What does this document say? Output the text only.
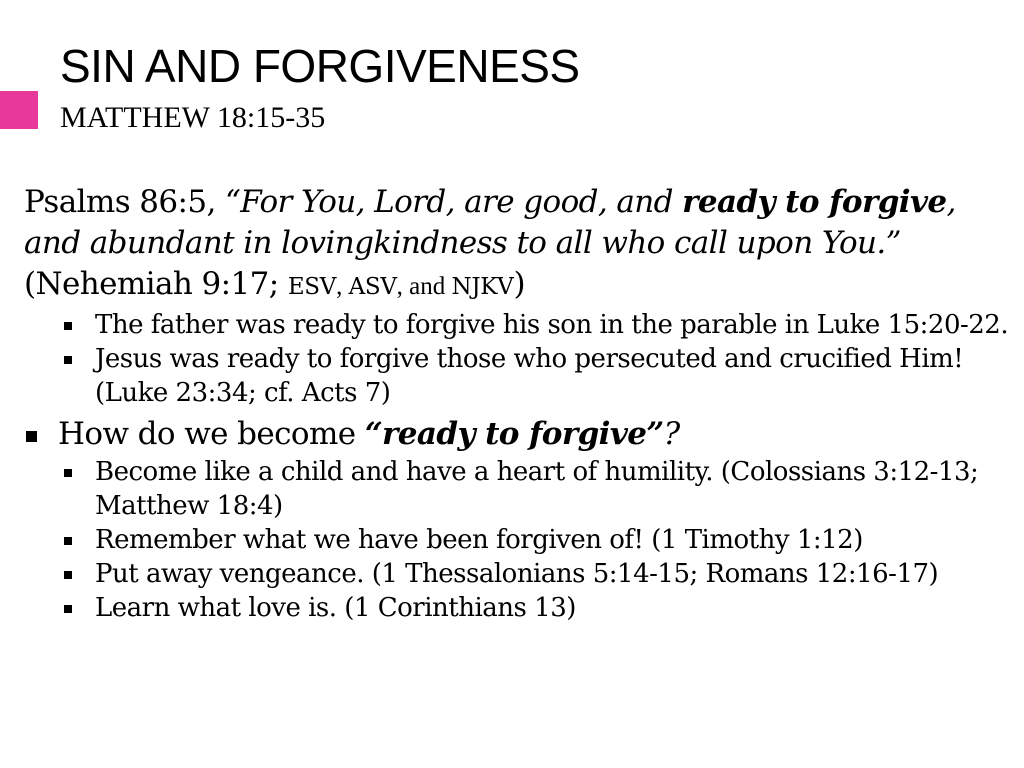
SIN AND FORGIVENESS
MATTHEW 18:15-35

Psalms 86:5, “For You, Lord, are good, and ready to forgive, and abundant in lovingkindness to all who call upon You.” (Nehemiah 9:17; ESV, ASV, and NJKV)

The father was ready to forgive his son in the parable in Luke 15:20-22.
Jesus was ready to forgive those who persecuted and crucified Him! (Luke 23:34; cf. Acts 7)
How do we become “ready to forgive”?
Become like a child and have a heart of humility. (Colossians 3:12-13; Matthew 18:4)
Remember what we have been forgiven of! (1 Timothy 1:12)
Put away vengeance. (1 Thessalonians 5:14-15; Romans 12:16-17)
Learn what love is. (1 Corinthians 13)
